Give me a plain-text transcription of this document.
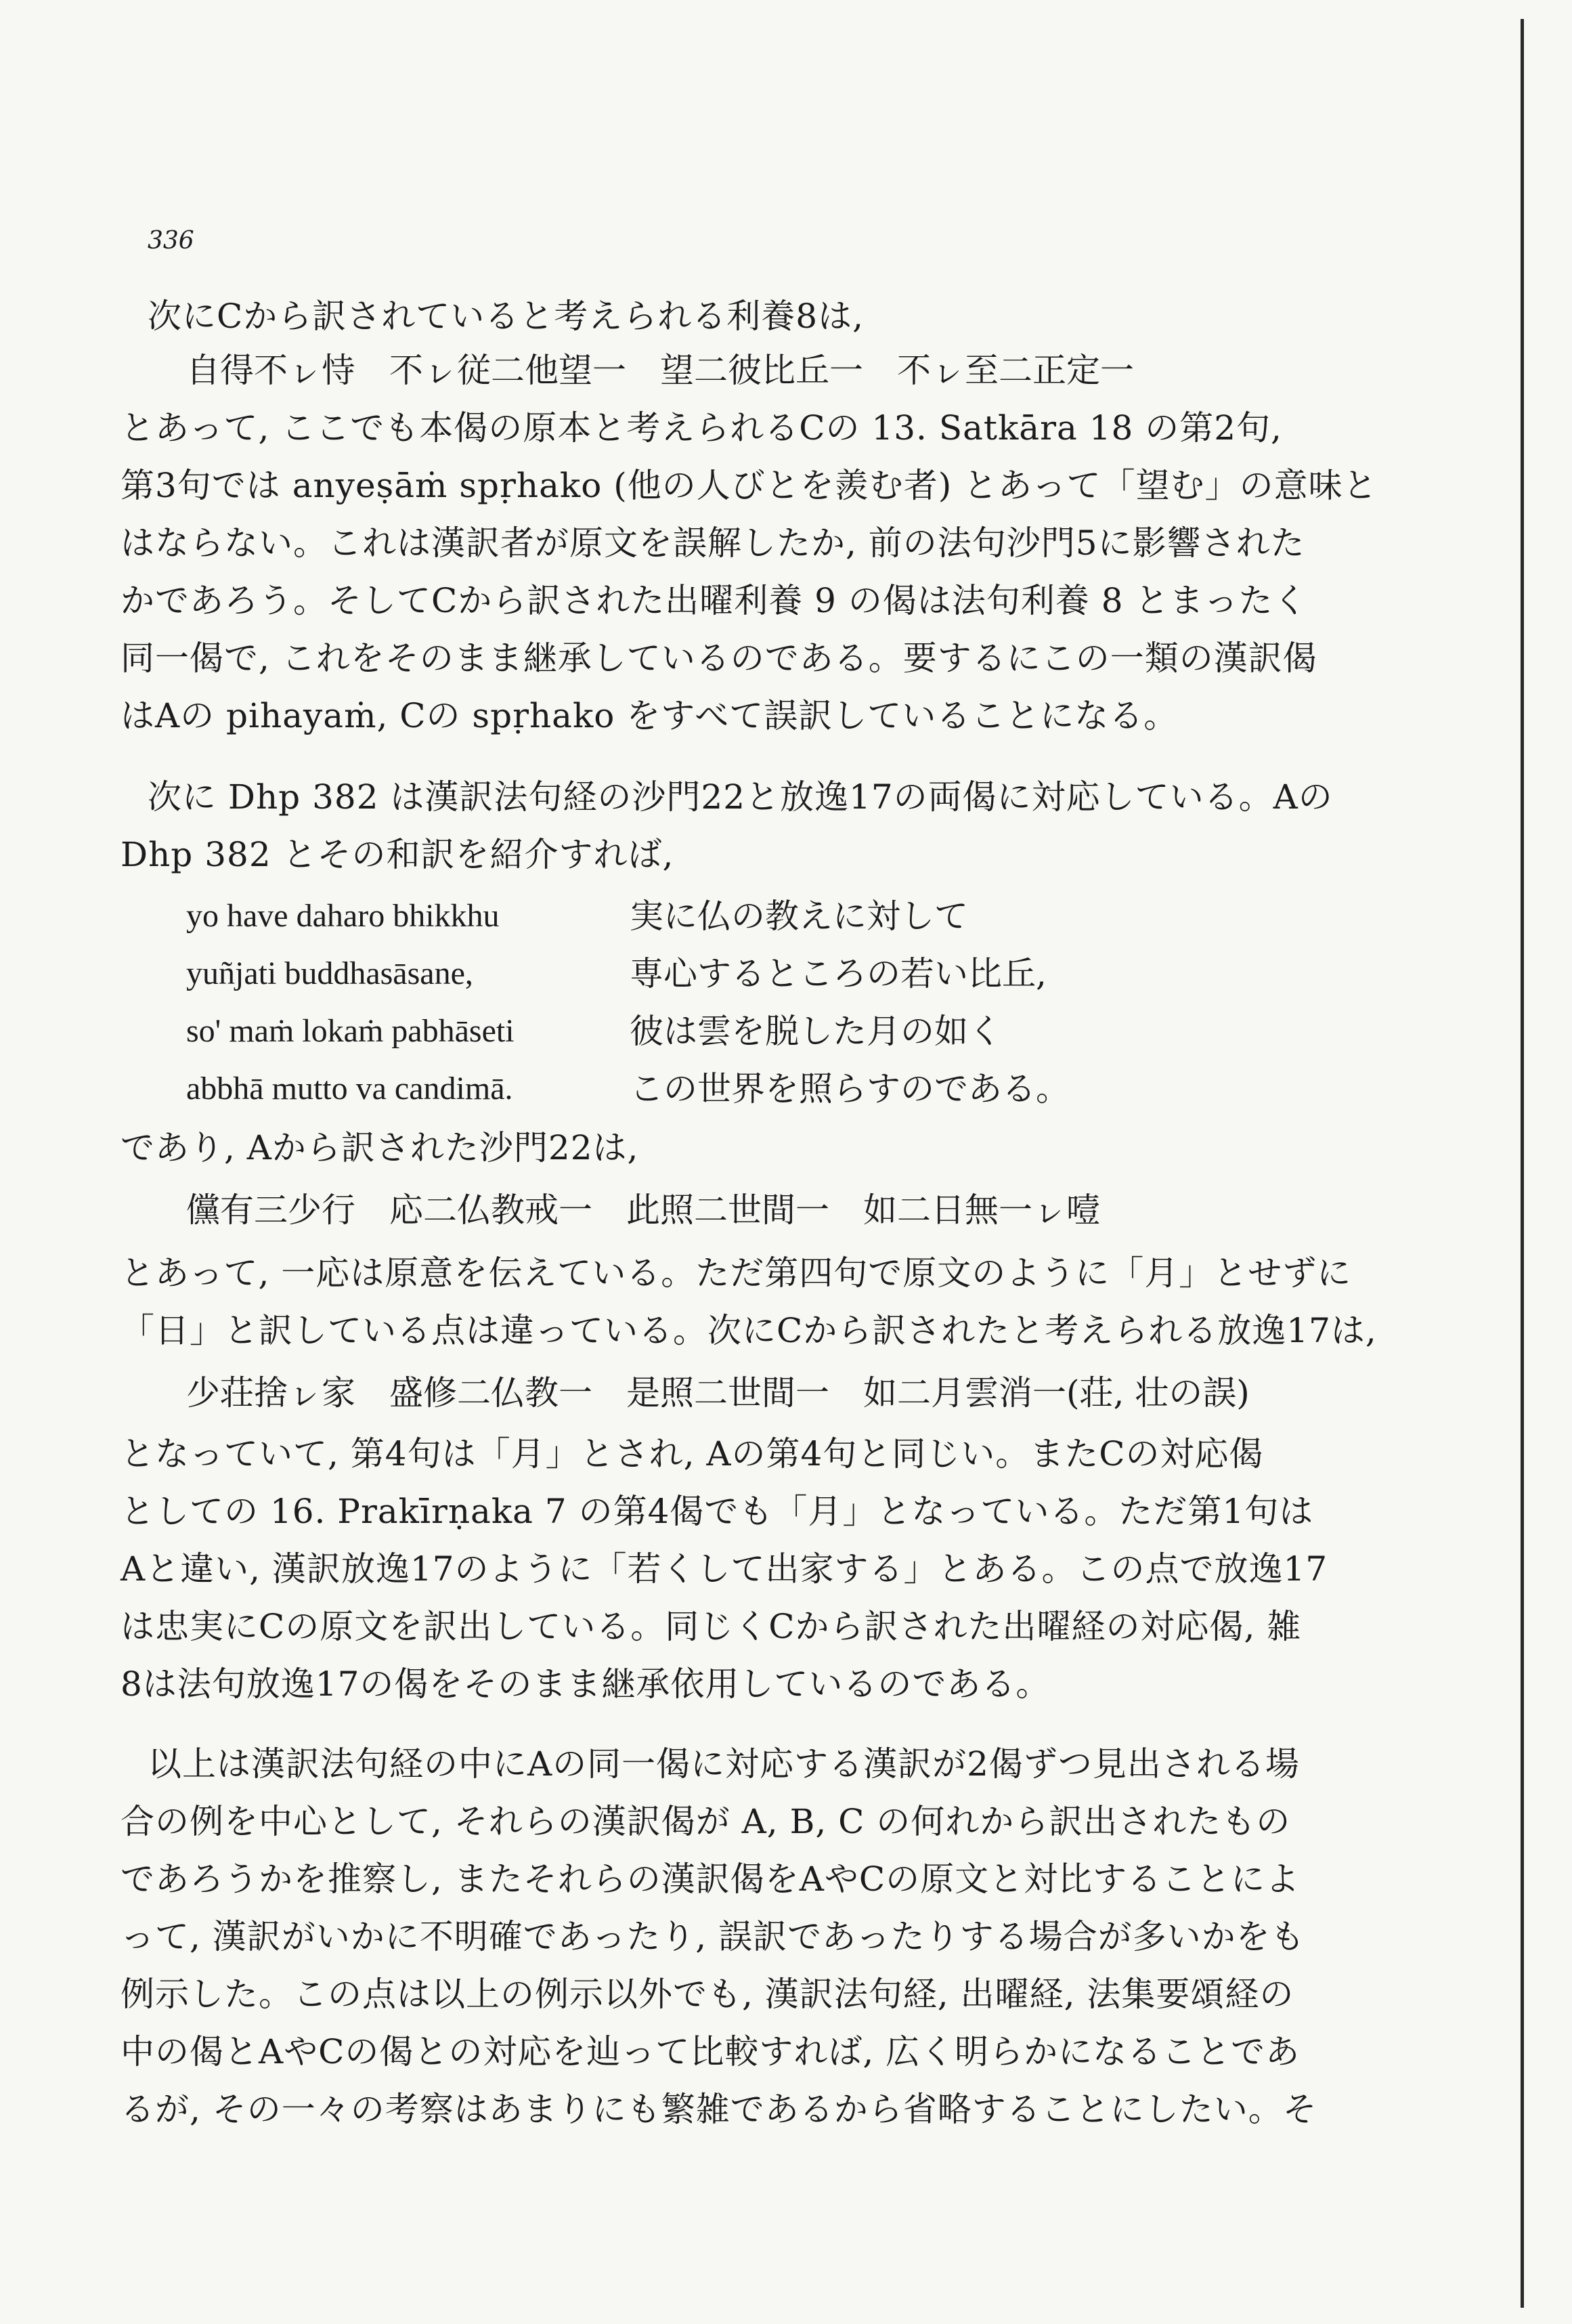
336
次にCから訳されていると考えられる利養8は,
自得不ㇾ恃　不ㇾ従二他望一　望二彼比丘一　不ㇾ至二正定一
とあって, ここでも本偈の原本と考えられるCの 13. Satkāra 18 の第2句,
第3句では anyeṣāṁ spṛhako (他の人びとを羨む者) とあって「望む」の意味と
はならない。これは漢訳者が原文を誤解したか, 前の法句沙門5に影響された
かであろう。そしてCから訳された出曜利養 9 の偈は法句利養 8 とまったく
同一偈で, これをそのまま継承しているのである。要するにこの一類の漢訳偈
はAの pihayaṁ, Cの spṛhako をすべて誤訳していることになる。
次に Dhp 382 は漢訳法句経の沙門22と放逸17の両偈に対応している。Aの
Dhp 382 とその和訳を紹介すれば,
yo have daharo bhikkhu	実に仏の教えに対して
yuñjati buddhasāsane,	専心するところの若い比丘,
so' maṁ lokaṁ pabhāseti	彼は雲を脱した月の如く
abbhā mutto va candimā.	この世界を照らすのである。
であり, Aから訳された沙門22は,
儻有三少行　応二仏教戒一　此照二世間一　如二日無一ㇾ噎
とあって, 一応は原意を伝えている。ただ第四句で原文のように「月」とせずに
「日」と訳している点は違っている。次にCから訳されたと考えられる放逸17は,
少荘捨ㇾ家　盛修二仏教一　是照二世間一　如二月雲消一(荘, 壮の誤)
となっていて, 第4句は「月」とされ, Aの第4句と同じい。またCの対応偈
としての 16. Prakīrṇaka 7 の第4偈でも「月」となっている。ただ第1句は
Aと違い, 漢訳放逸17のように「若くして出家する」とある。この点で放逸17
は忠実にCの原文を訳出している。同じくCから訳された出曜経の対応偈, 雑
8は法句放逸17の偈をそのまま継承依用しているのである。
以上は漢訳法句経の中にAの同一偈に対応する漢訳が2偈ずつ見出される場
合の例を中心として, それらの漢訳偈が A, B, C の何れから訳出されたもの
であろうかを推察し, またそれらの漢訳偈をAやCの原文と対比することによ
って, 漢訳がいかに不明確であったり, 誤訳であったりする場合が多いかをも
例示した。この点は以上の例示以外でも, 漢訳法句経, 出曜経, 法集要頌経の
中の偈とAやCの偈との対応を辿って比較すれば, 広く明らかになることであ
るが, その一々の考察はあまりにも繁雑であるから省略することにしたい。そ
